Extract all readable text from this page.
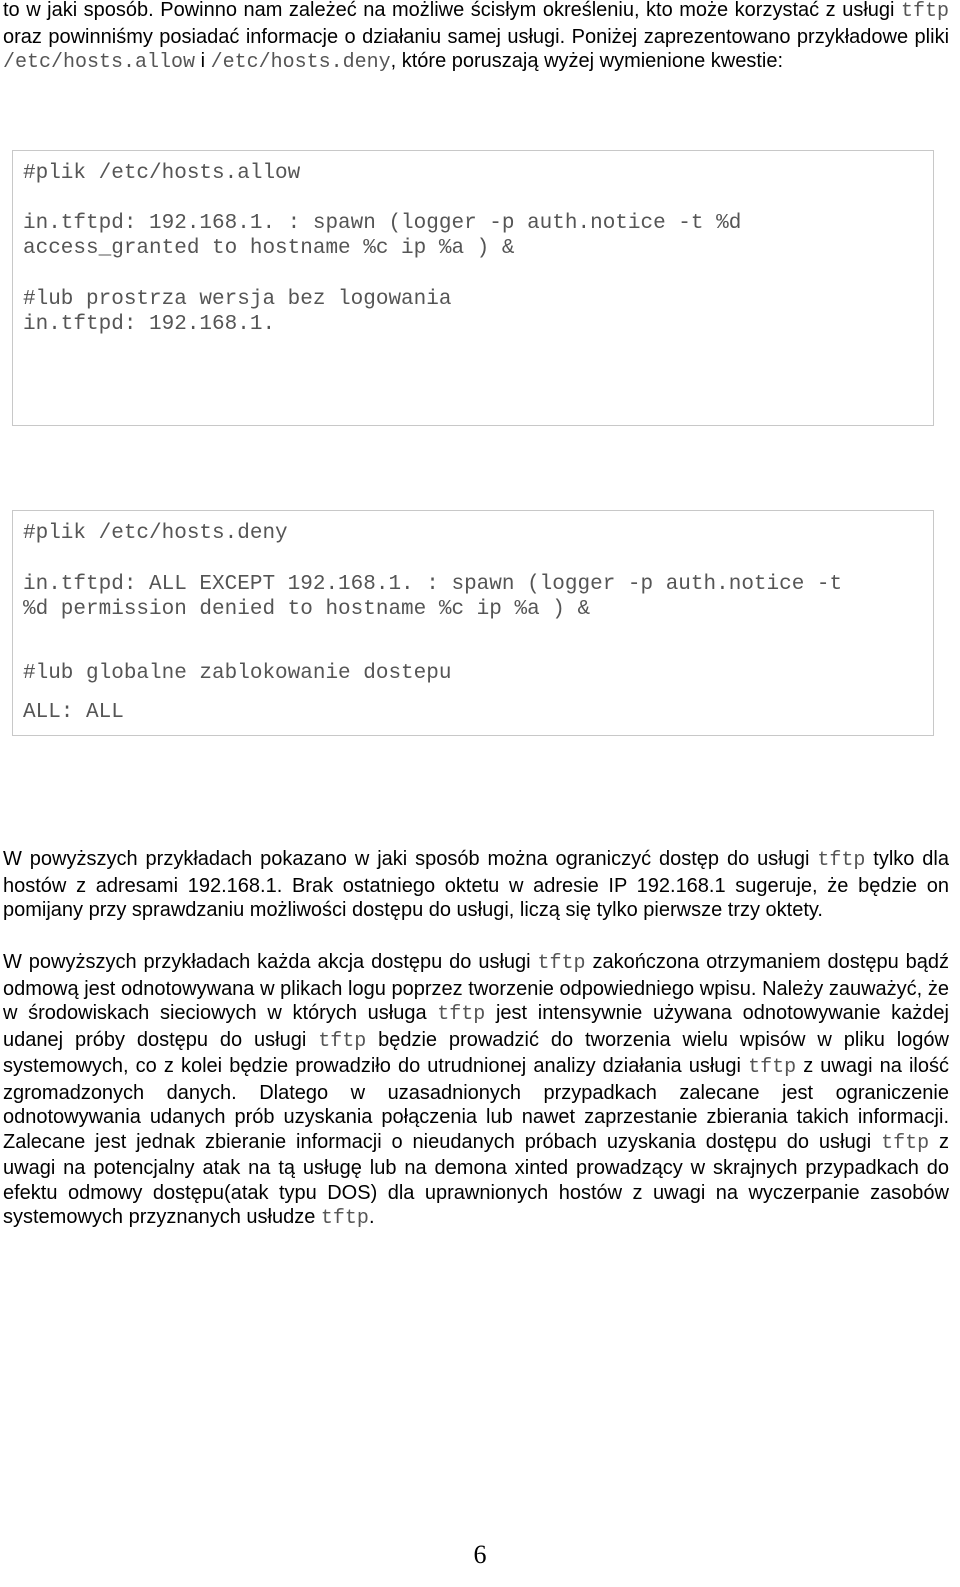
to w jaki sposób. Powinno nam zależeć na możliwe ścisłym określeniu, kto może korzystać z usługi tftp oraz powinniśmy posiadać informacje o działaniu samej usługi. Poniżej zaprezentowano przykładowe pliki /etc/hosts.allow i /etc/hosts.deny, które poruszają wyżej wymienione kwestie:
#plik /etc/hosts.allow
in.tftpd: 192.168.1. : spawn (logger -p auth.notice -t %d
access_granted to hostname %c ip %a ) &
#lub prostrza wersja bez logowania
in.tftpd: 192.168.1.
#plik /etc/hosts.deny
in.tftpd: ALL EXCEPT 192.168.1. : spawn (logger -p auth.notice -t
%d permission denied to hostname %c ip %a ) &
#lub globalne zablokowanie dostepu
ALL: ALL
W powyższych przykładach pokazano w jaki sposób można ograniczyć dostęp do usługi tftp tylko dla hostów z adresami 192.168.1. Brak ostatniego oktetu w adresie IP 192.168.1 sugeruje, że będzie on pomijany przy sprawdzaniu możliwości dostępu do usługi, liczą się tylko pierwsze trzy oktety.
W powyższych przykładach każda akcja dostępu do usługi tftp zakończona otrzymaniem dostępu bądź odmową jest odnotowywana w plikach logu poprzez tworzenie odpowiedniego wpisu. Należy zauważyć, że w środowiskach sieciowych w których usługa tftp jest intensywnie używana odnotowywanie każdej udanej próby dostępu do usługi tftp będzie prowadzić do tworzenia wielu wpisów w pliku logów systemowych, co z kolei będzie prowadziło do utrudnionej analizy działania usługi tftp z uwagi na ilość zgromadzonych danych. Dlatego w uzasadnionych przypadkach zalecane jest ograniczenie odnotowywania udanych prób uzyskania połączenia lub nawet zaprzestanie zbierania takich informacji. Zalecane jest jednak zbieranie informacji o nieudanych próbach uzyskania dostępu do usługi tftp z uwagi na potencjalny atak na tą usługę lub na demona xinted prowadzący w skrajnych przypadkach do efektu odmowy dostępu(atak typu DOS) dla uprawnionych hostów z uwagi na wyczerpanie zasobów systemowych przyznanych usłudze tftp.
6
